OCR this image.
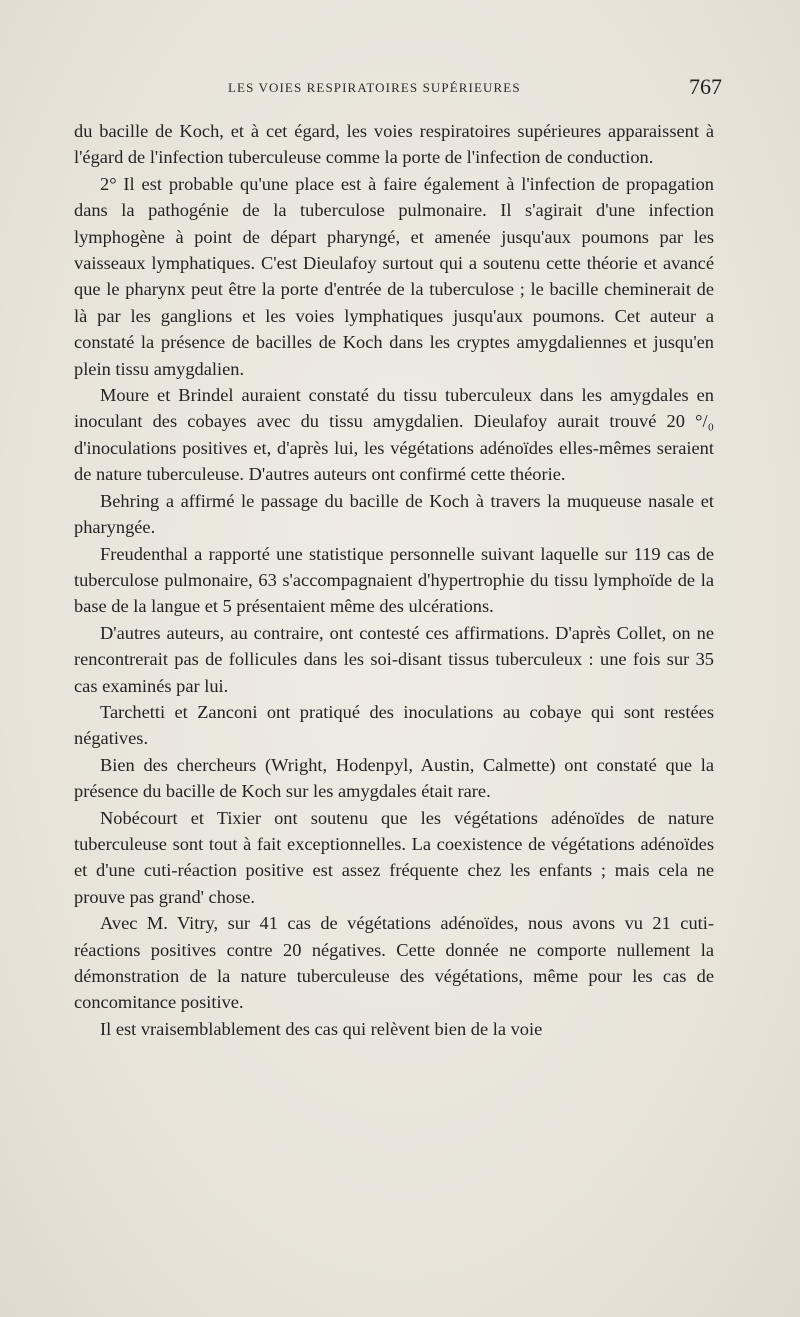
LES VOIES RESPIRATOIRES SUPÉRIEURES	767

du bacille de Koch, et à cet égard, les voies respiratoires supérieures apparaissent à l'égard de l'infection tuberculeuse comme la porte de l'infection de conduction.

2° Il est probable qu'une place est à faire également à l'infection de propagation dans la pathogénie de la tuberculose pulmonaire. Il s'agirait d'une infection lymphogène à point de départ pharyngé, et amenée jusqu'aux poumons par les vaisseaux lymphatiques. C'est Dieulafoy surtout qui a soutenu cette théorie et avancé que le pharynx peut être la porte d'entrée de la tuberculose ; le bacille cheminerait de là par les ganglions et les voies lymphatiques jusqu'aux poumons. Cet auteur a constaté la présence de bacilles de Koch dans les cryptes amygdaliennes et jusqu'en plein tissu amygdalien.

Moure et Brindel auraient constaté du tissu tuberculeux dans les amygdales en inoculant des cobayes avec du tissu amygdalien. Dieulafoy aurait trouvé 20 °/₀ d'inoculations positives et, d'après lui, les végétations adénoïdes elles-mêmes seraient de nature tuberculeuse. D'autres auteurs ont confirmé cette théorie.

Behring a affirmé le passage du bacille de Koch à travers la muqueuse nasale et pharyngée.

Freudenthal a rapporté une statistique personnelle suivant laquelle sur 119 cas de tuberculose pulmonaire, 63 s'accompagnaient d'hypertrophie du tissu lymphoïde de la base de la langue et 5 présentaient même des ulcérations.

D'autres auteurs, au contraire, ont contesté ces affirmations. D'après Collet, on ne rencontrerait pas de follicules dans les soi-disant tissus tuberculeux : une fois sur 35 cas examinés par lui.

Tarchetti et Zanconi ont pratiqué des inoculations au cobaye qui sont restées négatives.

Bien des chercheurs (Wright, Hodenpyl, Austin, Calmette) ont constaté que la présence du bacille de Koch sur les amygdales était rare.

Nobécourt et Tixier ont soutenu que les végétations adénoïdes de nature tuberculeuse sont tout à fait exceptionnelles. La coexistence de végétations adénoïdes et d'une cuti-réaction positive est assez fréquente chez les enfants ; mais cela ne prouve pas grand' chose.

Avec M. Vitry, sur 41 cas de végétations adénoïdes, nous avons vu 21 cuti-réactions positives contre 20 négatives. Cette donnée ne comporte nullement la démonstration de la nature tuberculeuse des végétations, même pour les cas de concomitance positive.

Il est vraisemblablement des cas qui relèvent bien de la voie
